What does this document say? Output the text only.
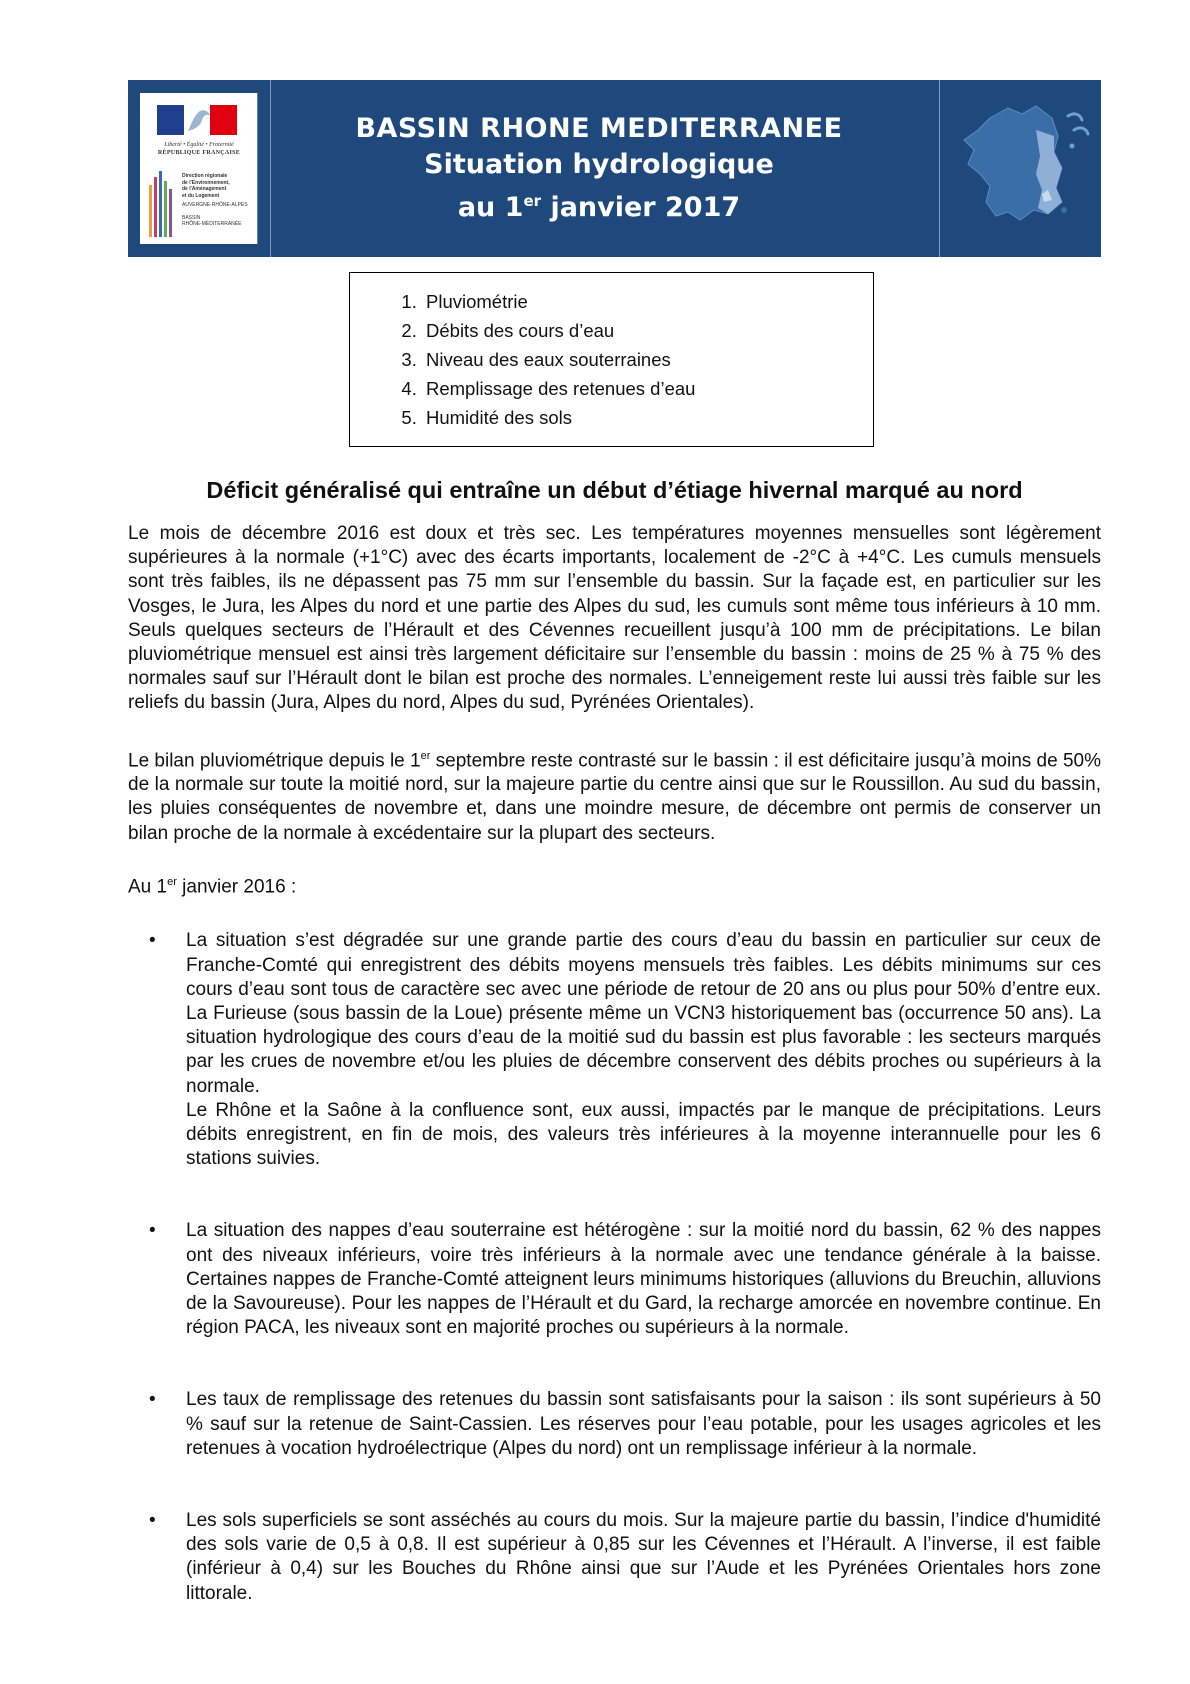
Liberté • Égalité • Fraternité
RÉPUBLIQUE FRANÇAISE
Direction régionale
de l'Environnement,
de l'Aménagement
et du Logement
AUVERGNE-RHÔNE-ALPES
BASSIN
RHÔNE-MÉDITERRANÉE
BASSIN RHONE MEDITERRANEE
Situation hydrologique
au 1er janvier 2017
1. Pluviométrie
2. Débits des cours d’eau
3. Niveau des eaux souterraines
4. Remplissage des retenues d’eau
5. Humidité des sols
Déficit généralisé qui entraîne un début d’étiage hivernal marqué au nord

Le mois de décembre 2016 est doux et très sec. Les températures moyennes mensuelles sont légèrement supérieures à la normale (+1°C) avec des écarts importants, localement de -2°C à +4°C. Les cumuls mensuels sont très faibles, ils ne dépassent pas 75 mm sur l’ensemble du bassin. Sur la façade est, en particulier sur les Vosges, le Jura, les Alpes du nord et une partie des Alpes du sud, les cumuls sont même tous inférieurs à 10 mm. Seuls quelques secteurs de l’Hérault et des Cévennes recueillent jusqu’à 100 mm de précipitations. Le bilan pluviométrique mensuel est ainsi très largement déficitaire sur l’ensemble du bassin : moins de 25 % à 75 % des normales sauf sur l’Hérault dont le bilan est proche des normales. L’enneigement reste lui aussi très faible sur les reliefs du bassin (Jura, Alpes du nord, Alpes du sud, Pyrénées Orientales).

Le bilan pluviométrique depuis le 1er septembre reste contrasté sur le bassin : il est déficitaire jusqu’à moins de 50% de la normale sur toute la moitié nord, sur la majeure partie du centre ainsi que sur le Roussillon. Au sud du bassin, les pluies conséquentes de novembre et, dans une moindre mesure, de décembre ont permis de conserver un bilan proche de la normale à excédentaire sur la plupart des secteurs.

Au 1er janvier 2016 :

• La situation s’est dégradée sur une grande partie des cours d’eau du bassin en particulier sur ceux de Franche-Comté qui enregistrent des débits moyens mensuels très faibles. Les débits minimums sur ces cours d’eau sont tous de caractère sec avec une période de retour de 20 ans ou plus pour 50% d’entre eux. La Furieuse (sous bassin de la Loue) présente même un VCN3 historiquement bas (occurrence 50 ans). La situation hydrologique des cours d’eau de la moitié sud du bassin est plus favorable : les secteurs marqués par les crues de novembre et/ou les pluies de décembre conservent des débits proches ou supérieurs à la normale.

Le Rhône et la Saône à la confluence sont, eux aussi, impactés par le manque de précipitations. Leurs débits enregistrent, en fin de mois, des valeurs très inférieures à la moyenne interannuelle pour les 6 stations suivies.

• La situation des nappes d’eau souterraine est hétérogène : sur la moitié nord du bassin, 62 % des nappes ont des niveaux inférieurs, voire très inférieurs à la normale avec une tendance générale à la baisse. Certaines nappes de Franche-Comté atteignent leurs minimums historiques (alluvions du Breuchin, alluvions de la Savoureuse). Pour les nappes de l’Hérault et du Gard, la recharge amorcée en novembre continue. En région PACA, les niveaux sont en majorité proches ou supérieurs à la normale.

• Les taux de remplissage des retenues du bassin sont satisfaisants pour la saison : ils sont supérieurs à 50 % sauf sur la retenue de Saint-Cassien. Les réserves pour l’eau potable, pour les usages agricoles et les retenues à vocation hydroélectrique (Alpes du nord) ont un remplissage inférieur à la normale.

• Les sols superficiels se sont asséchés au cours du mois. Sur la majeure partie du bassin, l’indice d'humidité des sols varie de 0,5 à 0,8. Il est supérieur à 0,85 sur les Cévennes et l’Hérault. A l’inverse, il est faible (inférieur à 0,4) sur les Bouches du Rhône ainsi que sur l’Aude et les Pyrénées Orientales hors zone littorale.
